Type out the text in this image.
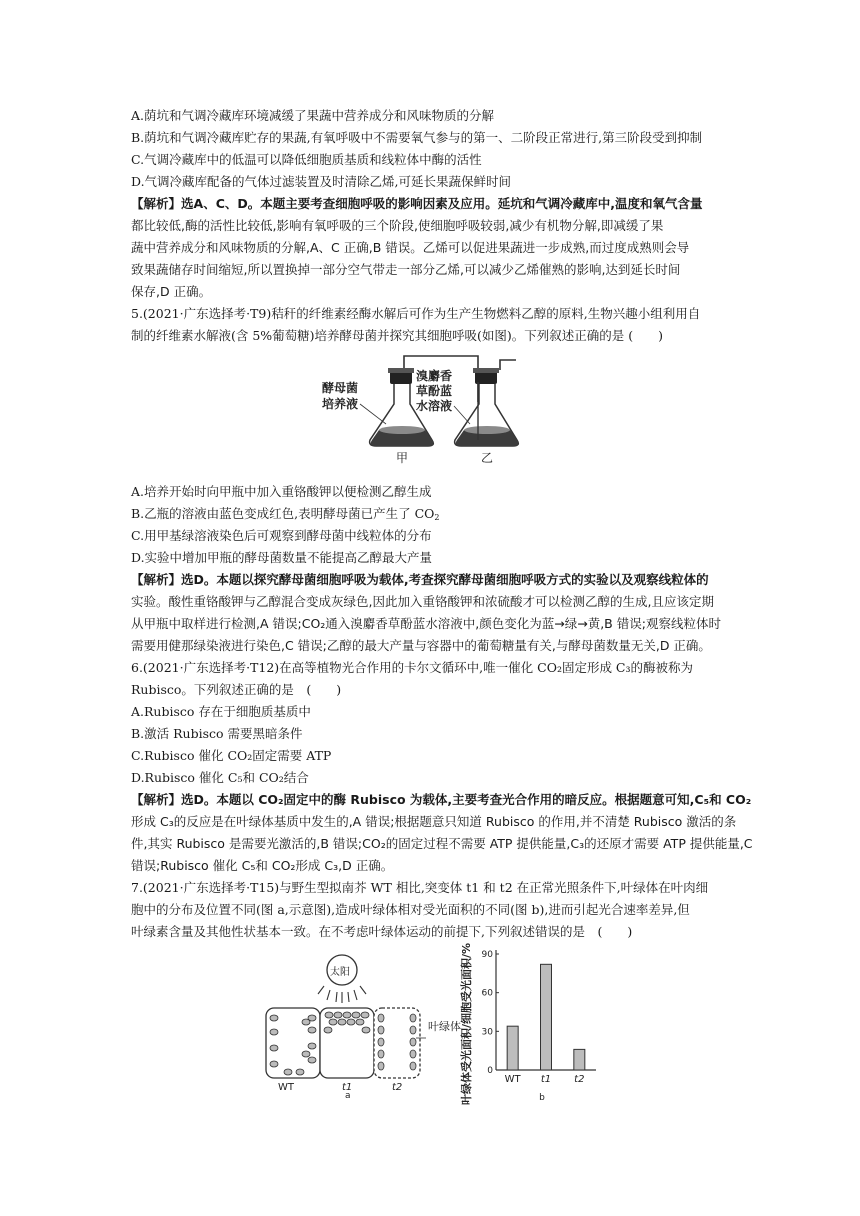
A.荫坑和气调冷藏库环境减缓了果蔬中营养成分和风味物质的分解
B.荫坑和气调冷藏库贮存的果蔬,有氧呼吸中不需要氧气参与的第一、二阶段正常进行,第三阶段受到抑制
C.气调冷藏库中的低温可以降低细胞质基质和线粒体中酶的活性
D.气调冷藏库配备的气体过滤装置及时清除乙烯,可延长果蔬保鲜时间
【解析】选A、C、D。本题主要考查细胞呼吸的影响因素及应用。延坑和气调冷藏库中,温度和氧气含量
都比较低,酶的活性比较低,影响有氧呼吸的三个阶段,使细胞呼吸较弱,减少有机物分解,即减缓了果
蔬中营养成分和风味物质的分解,A、C 正确,B 错误。乙烯可以促进果蔬进一步成熟,而过度成熟则会导
致果蔬储存时间缩短,所以置换掉一部分空气带走一部分乙烯,可以减少乙烯催熟的影响,达到延长时间
保存,D 正确。
5.(2021·广东选择考·T9)秸秆的纤维素经酶水解后可作为生产生物燃料乙醇的原料,生物兴趣小组利用自
制的纤维素水解液(含 5%葡萄糖)培养酵母菌并探究其细胞呼吸(如图)。下列叙述正确的是 (　　)
酵母菌
培养液
溴麝香
草酚蓝
水溶液
甲	乙
A.培养开始时向甲瓶中加入重铬酸钾以便检测乙醇生成
B.乙瓶的溶液由蓝色变成红色,表明酵母菌已产生了 $CO_2$
C.用甲基绿溶液染色后可观察到酵母菌中线粒体的分布
D.实验中增加甲瓶的酵母菌数量不能提高乙醇最大产量
【解析】选D。本题以探究酵母菌细胞呼吸为载体,考查探究酵母菌细胞呼吸方式的实验以及观察线粒体的
实验。酸性重铬酸钾与乙醇混合变成灰绿色,因此加入重铬酸钾和浓硫酸才可以检测乙醇的生成,且应该定期
从甲瓶中取样进行检测,A 错误;CO₂通入溴麝香草酚蓝水溶液中,颜色变化为蓝→绿→黄,B 错误;观察线粒体时
需要用健那绿染液进行染色,C 错误;乙醇的最大产量与容器中的葡萄糖量有关,与酵母菌数量无关,D 正确。
6.(2021·广东选择考·T12)在高等植物光合作用的卡尔文循环中,唯一催化 CO₂固定形成 C₃的酶被称为
Rubisco。下列叙述正确的是　(　　)
A.Rubisco 存在于细胞质基质中
B.激活 Rubisco 需要黑暗条件
C.Rubisco 催化 CO₂固定需要 ATP
D.Rubisco 催化 C₅和 CO₂结合
【解析】选D。本题以 CO₂固定中的酶 Rubisco 为载体,主要考查光合作用的暗反应。根据题意可知,C₅和 CO₂
形成 C₃的反应是在叶绿体基质中发生的,A 错误;根据题意只知道 Rubisco 的作用,并不清楚 Rubisco 激活的条
件,其实 Rubisco 是需要光激活的,B 错误;CO₂的固定过程不需要 ATP 提供能量,C₃的还原才需要 ATP 提供能量,C
错误;Rubisco 催化 C₅和 CO₂形成 C₃,D 正确。
7.(2021·广东选择考·T15)与野生型拟南芥 WT 相比,突变体 t1 和 t2 在正常光照条件下,叶绿体在叶肉细
胞中的分布及位置不同(图 a,示意图),造成叶绿体相对受光面积的不同(图 b),进而引起光合速率差异,但
叶绿素含量及其他性状基本一致。在不考虑叶绿体运动的前提下,下列叙述错误的是　(　　)
太阳
叶绿体
WT	t1	t2
a	叶绿体受光面积/细胞受光面积/% 0
30
60
90
WT t1 t2
b
